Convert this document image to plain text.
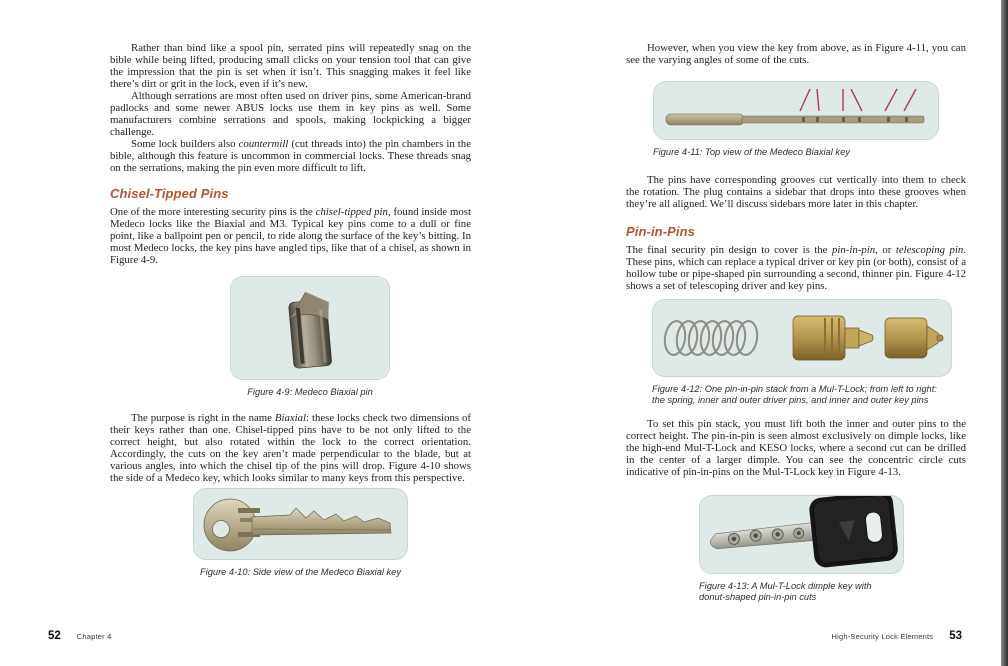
Rather than bind like a spool pin, serrated pins will repeatedly snag on the bible while being lifted, producing small clicks on your tension tool that can give the impression that the pin is set when it isn’t. This snagging makes it feel like there’s dirt or grit in the lock, even if it’s new.

Although serrations are most often used on driver pins, some American-brand padlocks and some newer ABUS locks use them in key pins as well. Some manufacturers combine serrations and spools, making lockpicking a bigger challenge.

Some lock builders also countermill (cut threads into) the pin chambers in the bible, although this feature is uncommon in commercial locks. These threads snag on the serrations, making the pin even more difficult to lift.

Chisel-Tipped Pins

One of the more interesting security pins is the chisel-tipped pin, found inside most Medeco locks like the Biaxial and M3. Typical key pins come to a dull or fine point, like a ballpoint pen or pencil, to ride along the surface of the key’s bitting. In most Medeco locks, the key pins have angled tips, like that of a chisel, as shown in Figure 4-9.

Figure 4-9: Medeco Biaxial pin

The purpose is right in the name Biaxial: these locks check two dimensions of their keys rather than one. Chisel-tipped pins have to be not only lifted to the correct height, but also rotated within the lock to the correct orientation. Accordingly, the cuts on the key aren’t made perpendicular to the blade, but at various angles, into which the chisel tip of the pins will drop. Figure 4-10 shows the side of a Medeco key, which looks similar to many keys from this perspective.

Figure 4-10: Side view of the Medeco Biaxial key

However, when you view the key from above, as in Figure 4-11, you can see the varying angles of some of the cuts.

Figure 4-11: Top view of the Medeco Biaxial key

The pins have corresponding grooves cut vertically into them to check the rotation. The plug contains a sidebar that drops into these grooves when they’re all aligned. We’ll discuss sidebars more later in this chapter.

Pin-in-Pins

The final security pin design to cover is the pin-in-pin, or telescoping pin. These pins, which can replace a typical driver or key pin (or both), consist of a hollow tube or pipe-shaped pin surrounding a second, thinner pin. Figure 4-12 shows a set of telescoping driver and key pins.

Figure 4-12: One pin-in-pin stack from a Mul-T-Lock; from left to right: the spring, inner and outer driver pins, and inner and outer key pins

To set this pin stack, you must lift both the inner and outer pins to the correct height. The pin-in-pin is seen almost exclusively on dimple locks, like the high-end Mul-T-Lock and KESO locks, where a second cut can be drilled in the center of a larger dimple. You can see the concentric circle cuts indicative of pin-in-pins on the Mul-T-Lock key in Figure 4-13.

Figure 4-13: A Mul-T-Lock dimple key with donut-shaped pin-in-pin cuts
52 Chapter 4	High-Security Lock Elements 53
